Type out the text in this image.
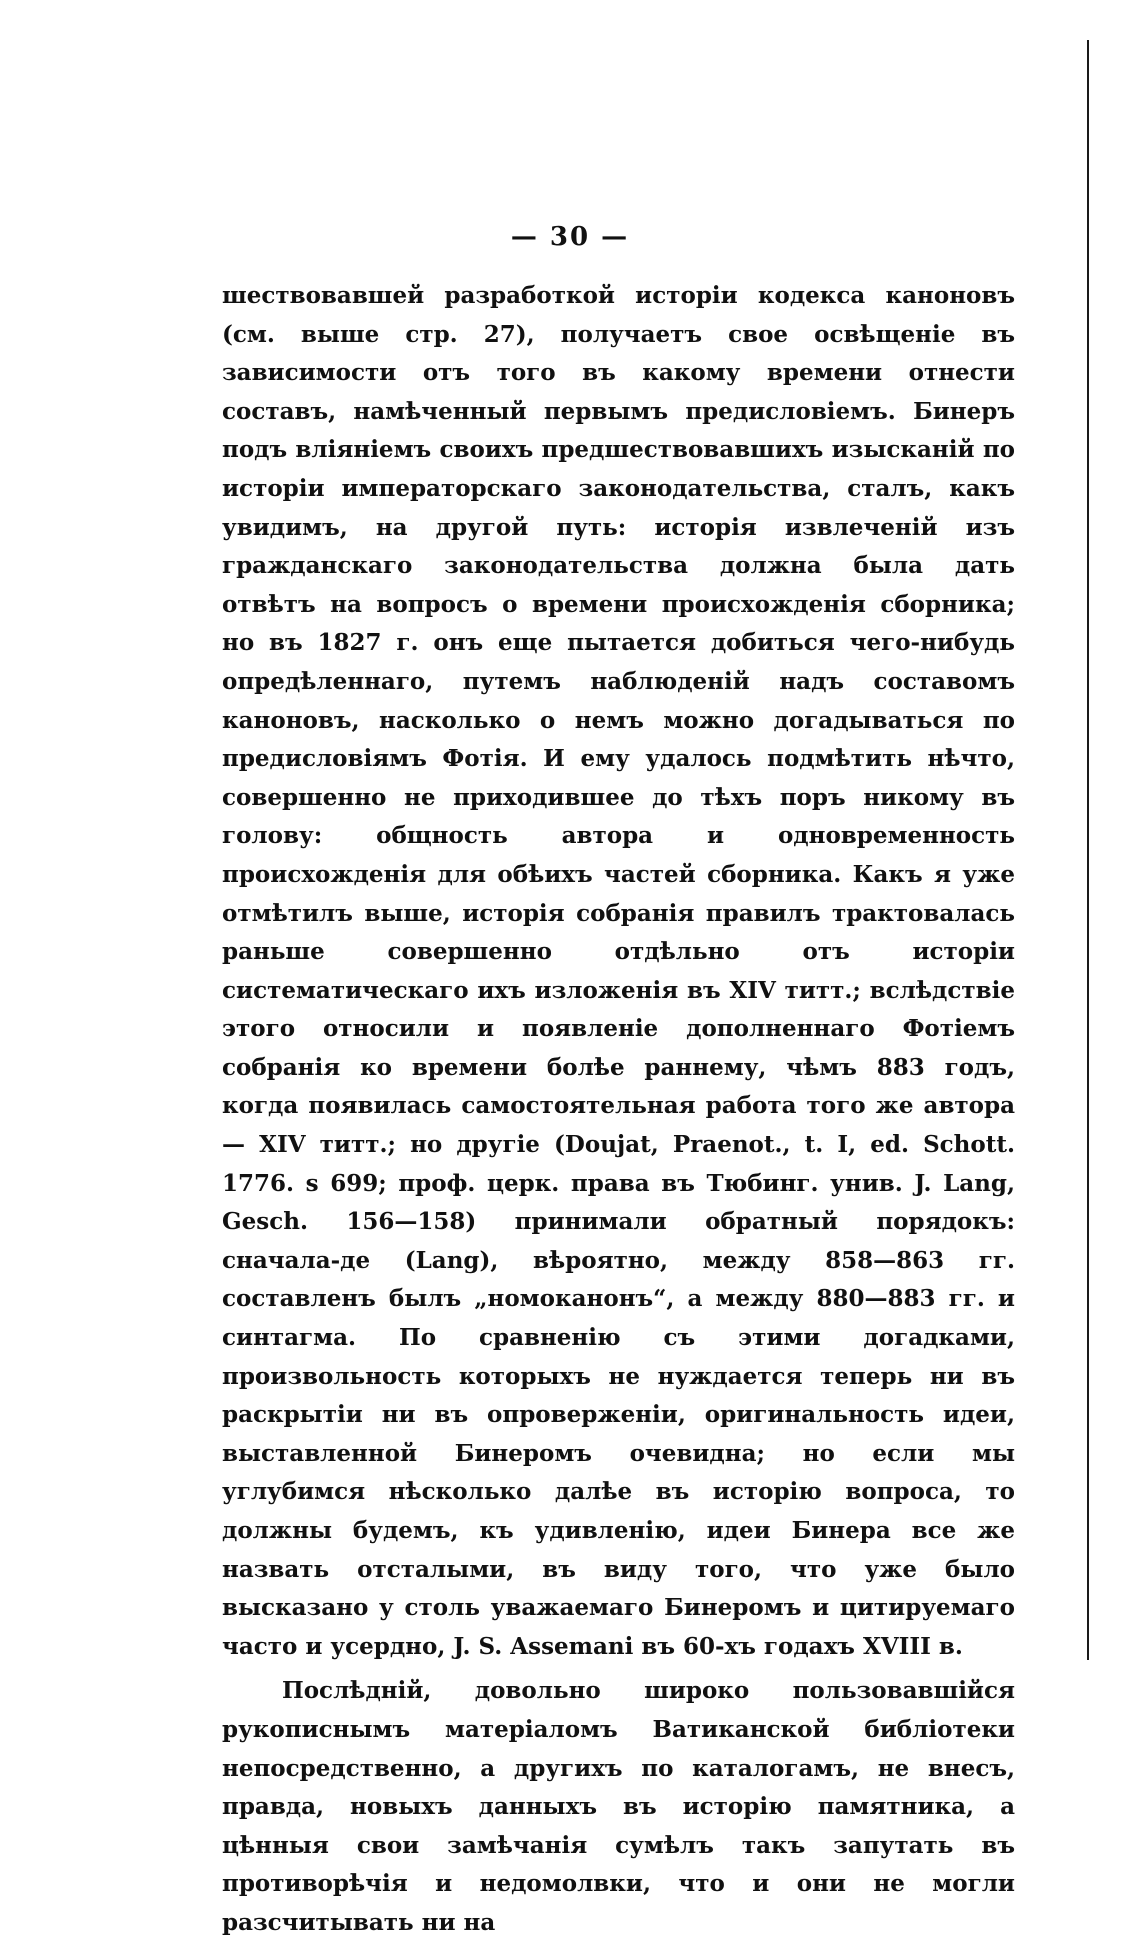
— 30 —

шествовавшей разработкой исторіи кодекса каноновъ (см. выше стр. 27), получаетъ свое освѣщеніе въ зависимости отъ того въ какому времени отнести составъ, намѣченный первымъ предисловіемъ. Бинеръ подъ вліяніемъ своихъ предшествовавшихъ изысканій по исторіи императорскаго законодательства, сталъ, какъ увидимъ, на другой путь: исторія извлеченій изъ гражданскаго законодательства должна была дать отвѣтъ на вопросъ о времени происхожденія сборника; но въ 1827 г. онъ еще пытается добиться чего-нибудь опредѣленнаго, путемъ наблюденій надъ составомъ каноновъ, насколько о немъ можно догадываться по предисловіямъ Фотія. И ему удалось подмѣтить нѣчто, совершенно не приходившее до тѣхъ поръ никому въ голову: общность автора и одновременность происхожденія для обѣихъ частей сборника. Какъ я уже отмѣтилъ выше, исторія собранія правилъ трактовалась раньше совершенно отдѣльно отъ исторіи систематическаго ихъ изложенія въ XIV титт.; вслѣдствіе этого относили и появленіе дополненнаго Фотіемъ собранія ко времени болѣе раннему, чѣмъ 883 годъ, когда появилась самостоятельная работа того же автора — XIV титт.; но другіе (Doujat, Praenot., t. I, ed. Schott. 1776. s 699; проф. церк. права въ Тюбинг. унив. J. Lang, Gesch. 156—158) принимали обратный порядокъ: сначала-де (Lang), вѣроятно, между 858—863 гг. составленъ былъ „номоканонъ“, а между 880—883 гг. и синтагма. По сравненію съ этими догадками, произвольность которыхъ не нуждается теперь ни въ раскрытіи ни въ опроверженіи, оригинальность идеи, выставленной Бинеромъ очевидна; но если мы углубимся нѣсколько далѣе въ исторію вопроса, то должны будемъ, къ удивленію, идеи Бинера все же назвать отсталыми, въ виду того, что уже было высказано у столь уважаемаго Бинеромъ и цитируемаго часто и усердно, J. S. Assemani въ 60-хъ годахъ XVIII в.

Послѣдній, довольно широко пользовавшійся рукописнымъ матеріаломъ Ватиканской библіотеки непосредственно, а другихъ по каталогамъ, не внесъ, правда, новыхъ данныхъ въ исторію памятника, а цѣнныя свои замѣчанія сумѣлъ такъ запутать въ противорѣчія и недомолвки, что и они не могли разсчитывать ни на
